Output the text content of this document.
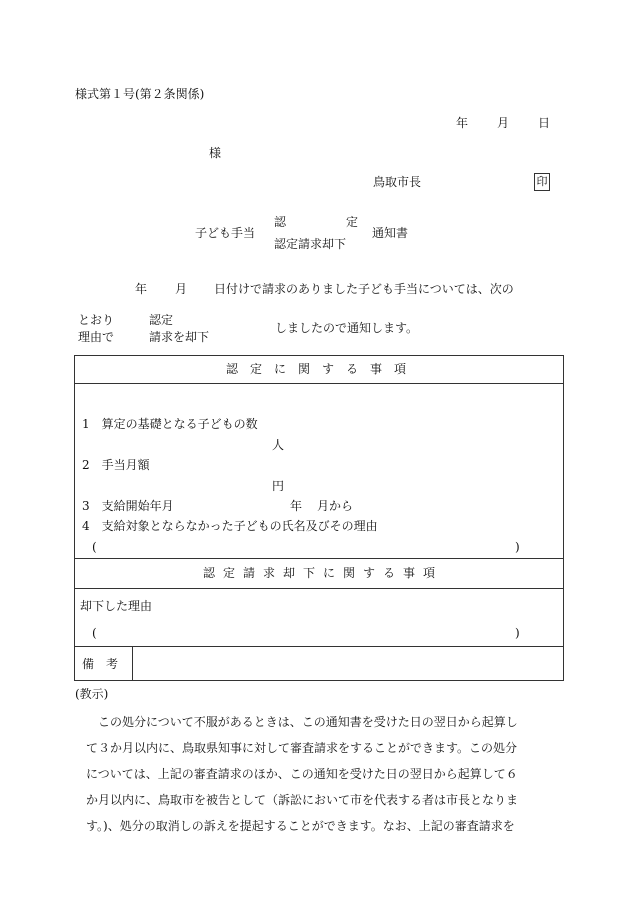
様式第１号(第２条関係)
年 月 日
様
鳥取市長	印
子ども手当
認	定
認定請求却下
通知書
年 月 日付けで請求のありました子ども手当については、次の
とおり
理由で
認定
請求を却下
しましたので通知します。
認定に関する事項
1　算定の基礎となる子どもの数
人
2　手当月額
円
3　支給開始年月	年 月から
4　支給対象とならなかった子どもの氏名及びその理由
(	)
認定請求却下に関する事項
却下した理由
(	)
備　考
(教示)
　この処分について不服があるときは、この通知書を受けた日の翌日から起算し
て３か月以内に、鳥取県知事に対して審査請求をすることができます。この処分
については、上記の審査請求のほか、この通知を受けた日の翌日から起算して６
か月以内に、鳥取市を被告として（訴訟において市を代表する者は市長となりま
す。)、処分の取消しの訴えを提起することができます。なお、上記の審査請求を
